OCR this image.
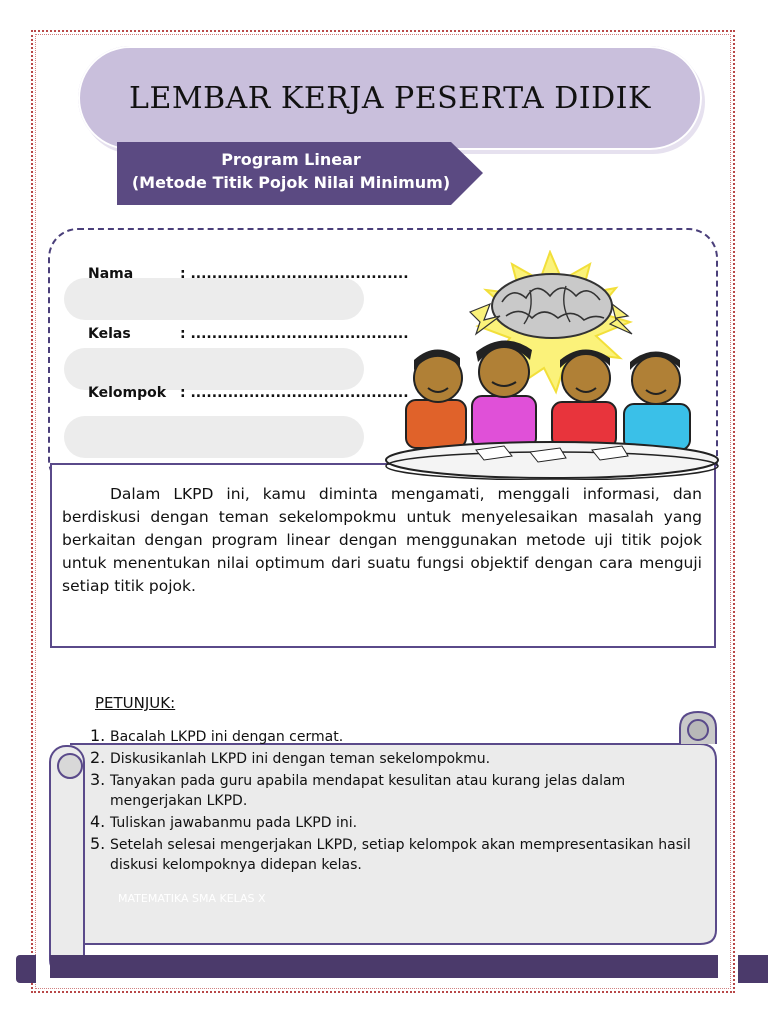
LEMBAR KERJA PESERTA DIDIK
Program Linear
(Metode Titik Pojok Nilai Minimum)
Nama	: .........................................
Kelas	: .........................................
Kelompok : .........................................

Dalam LKPD ini, kamu diminta mengamati, menggali informasi, dan berdiskusi dengan teman sekelompokmu untuk menyelesaikan masalah yang berkaitan dengan program linear dengan menggunakan metode uji titik pojok untuk menentukan nilai optimum dari suatu fungsi objektif dengan cara menguji setiap titik pojok.

PETUNJUK:
1. Bacalah LKPD ini dengan cermat.
2. Diskusikanlah LKPD ini dengan teman sekelompokmu.
3. Tanyakan pada guru apabila mendapat kesulitan atau kurang jelas dalam mengerjakan LKPD.
4. Tuliskan jawabanmu pada LKPD ini.
5. Setelah selesai mengerjakan LKPD, setiap kelompok akan mempresentasikan hasil diskusi kelompoknya didepan kelas.
MATEMATIKA SMA KELAS X
